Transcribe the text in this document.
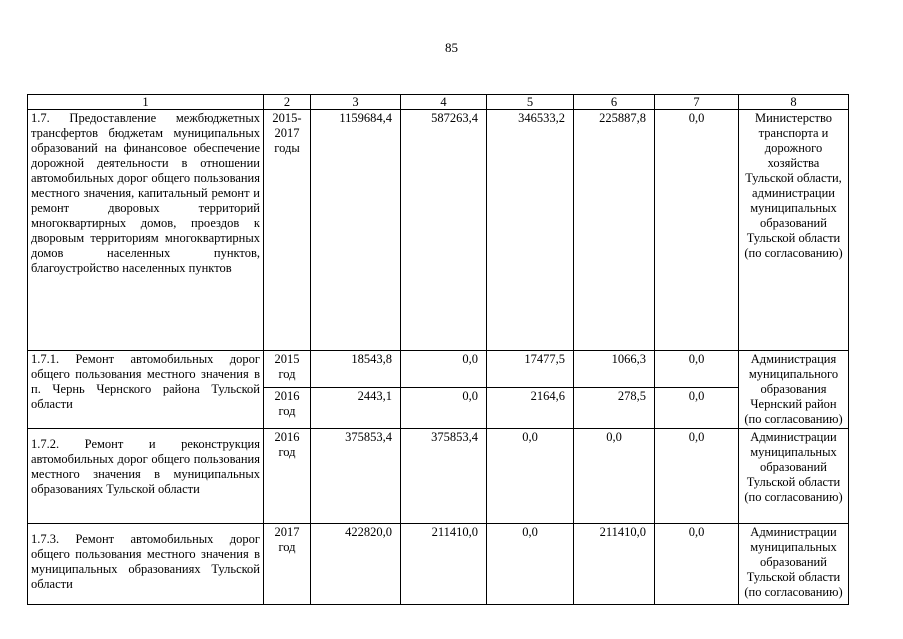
85
1	2	3	4	5	6	7	8
1.7. Предоставление межбюджетных трансфертов бюджетам муниципальных образований на финансовое обеспечение дорожной деятельности в отношении автомобильных дорог общего пользования местного значения, капитальный ремонт и ремонт дворовых территорий многоквартирных домов, проездов к дворовым территориям многоквартирных домов населенных пунктов, благоустройство населенных пунктов	2015-2017 годы	1159684,4	587263,4	346533,2	225887,8	0,0	Министерство транспорта и дорожного хозяйства Тульской области, администрации муниципальных образований Тульской области (по согласованию)
1.7.1. Ремонт автомобильных дорог общего пользования местного значения в п. Чернь Чернского района Тульской области	2015 год	18543,8	0,0	17477,5	1066,3	0,0	Администрация муниципального образования Чернский район (по согласованию)
	2016 год	2443,1	0,0	2164,6	278,5	0,0	
1.7.2. Ремонт и реконструкция автомобильных дорог общего пользования местного значения в муниципальных образованиях Тульской области	2016 год	375853,4	375853,4	0,0	0,0	0,0	Администрации муниципальных образований Тульской области (по согласованию)
1.7.3. Ремонт автомобильных дорог общего пользования местного значения в муниципальных образованиях Тульской области	2017 год	422820,0	211410,0	0,0	211410,0	0,0	Администрации муниципальных образований Тульской области (по согласованию)
